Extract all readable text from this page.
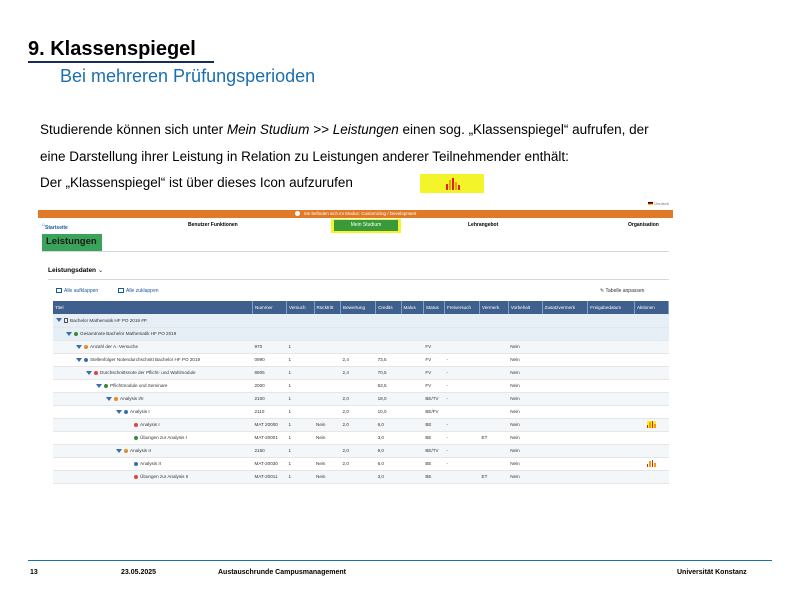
9. Klassenspiegel
Bei mehreren Prüfungsperioden
Studierende können sich unter Mein Studium >> Leistungen einen sog. „Klassenspiegel“ aufrufen, der
eine Darstellung ihrer Leistung in Relation zu Leistungen anderer Teilnehmender enthält:
Der „Klassenspiegel“ ist über dieses Icon aufzurufen
Deutsch
Sie befinden sich im Modus: Customizing / Development
⌂ Startseite	Benutzer Funktionen	Lehrangebot	Organisation
Mein Studium
Leistungen
Leistungsdaten ⌄
Alle aufklappen	Alle zuklappen	✎ Tabelle anpassen
Titel	Nummer	Versuch	Rücktritt	Bewertung	Credits	Malus	Status	Freiversuch	Vermerk	Vorbehalt	Zusatzvermerk	Freigabedatum	Aktionen
Bachelor Mathematik HF PO 2019 #P													
Gesamtnote Bachelor Mathematik HF PO 2019													
Anzahl der A.-Versuche	970	1					FV			Nein			
Stellenfolger Notendurchschnitt Bachelor HF PO 2019	0990	1		2,4	73,5		FV	-		Nein			
Durchschnittsnote der Pflicht- und Wahlmodule	8905	1		2,4	70,5		FV	-		Nein			
Pflichtmodule und Seminare	2000	1			63,5		FV	-		Nein			
Analysis I/II	2100	1		2,0	18,0		BE/TV	-		Nein			
Analysis I	2110	1		2,0	10,0		BE/FV			Nein			
Analysis I	MAT 20000	1	Nein	2,0	6,0		BE	-		Nein			

Übungen zur Analysis I	MAT-20001	1	Nein		3,0		BE	-	ET	Nein			
Analysis II	2150	1		2,0	9,0		BE/TV	-		Nein			
Analysis II	MAT-20030	1	Nein	2,0	6,0		BE	-		Nein			

Übungen zur Analysis II	MAT-20011	1	Nein		3,0		BE		ET	Nein			
13	23.05.2025	Austauschrunde Campusmanagement	Universität Konstanz
